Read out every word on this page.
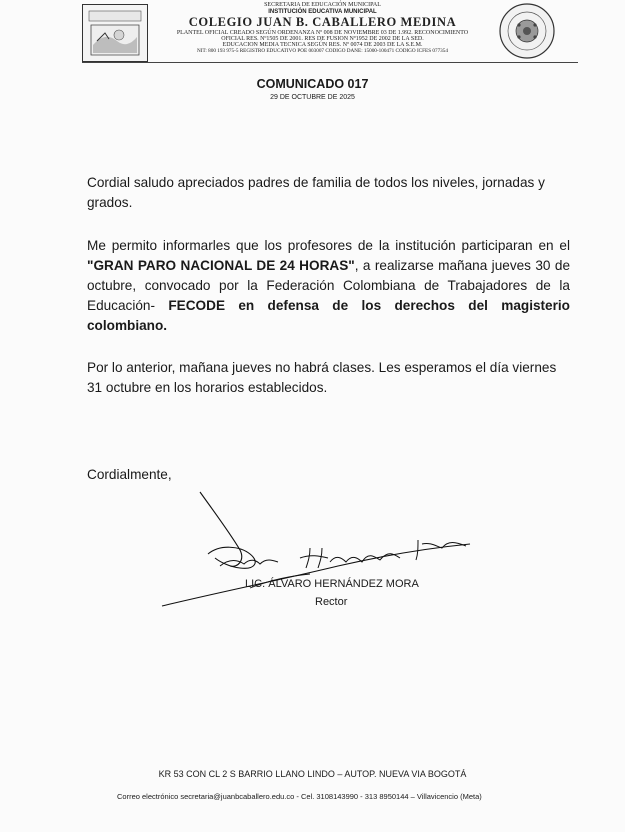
SECRETARIA DE EDUCACIÓN MUNICIPAL
INSTITUCIÓN EDUCATIVA MUNICIPAL
COLEGIO JUAN B. CABALLERO MEDINA
PLANTEL OFICIAL CREADO SEGÚN ORDENANZA Nº 008 DE NOVIEMBRE 03 DE 1.992. RECONOCIMIENTO
OFICIAL RES. Nº1505 DE 2001. RES DE FUSION Nº1952 DE 2002 DE LA SED.
EDUCACION MEDIA TECNICA SEGÚN RES. Nº 0074 DE 2003 DE LA S.E.M.
NIT: 800 193 975-5 REGISTRO EDUCATIVO POE 003007 CODIGO DANE: 15000-100471 CODIGO ICFES 077354
COMUNICADO 017
29 DE OCTUBRE DE 2025
Cordial saludo apreciados padres de familia de todos los niveles, jornadas y grados.
Me permito informarles que los profesores de la institución participaran en el "GRAN PARO NACIONAL DE 24 HORAS", a realizarse mañana jueves 30 de octubre, convocado por la Federación Colombiana de Trabajadores de la Educación- FECODE en defensa de los derechos del magisterio colombiano.
Por lo anterior, mañana jueves no habrá clases. Les esperamos el día viernes 31 octubre en los horarios establecidos.
Cordialmente,
LIC. ÁLVARO HERNÁNDEZ MORA
Rector
KR 53 CON CL 2 S BARRIO LLANO LINDO – AUTOP. NUEVA VIA BOGOTÁ
Correo electrónico secretaria@juanbcaballero.edu.co - Cel. 3108143990 - 313 8950144 – Villavicencio (Meta)
